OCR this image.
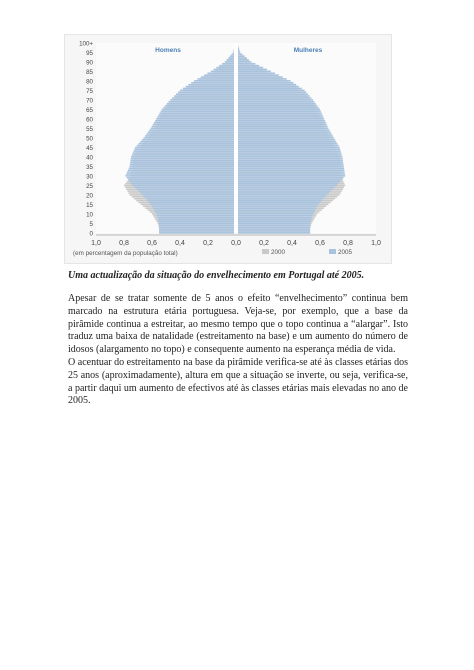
100+
95
90
85
80
75
70
65
60
55
50
45
40
35
30
25
20
15
10
5
0
1,0	0,8	0,6	0,4	0,2	0,0	0,2	0,4	0,6	0,8	1,0
Homens	Mulheres
(em percentagem da população total)	2000	2005

Uma actualização da situação do envelhecimento em Portugal até 2005.

Apesar de se tratar somente de 5 anos o efeito “envelhecimento” continua bem marcado na estrutura etária portuguesa. Veja-se, por exemplo, que a base da pirâmide continua a estreitar, ao mesmo tempo que o topo continua a “alargar”. Isto traduz uma baixa de natalidade (estreitamento na base) e um aumento do número de idosos (alargamento no topo) e consequente aumento na esperança média de vida.

O acentuar do estreitamento na base da pirâmide verifica-se até às classes etárias dos 25 anos (aproximadamente), altura em que a situação se inverte, ou seja, verifica-se, a partir daqui um aumento de efectivos até às classes etárias mais elevadas no ano de 2005.
